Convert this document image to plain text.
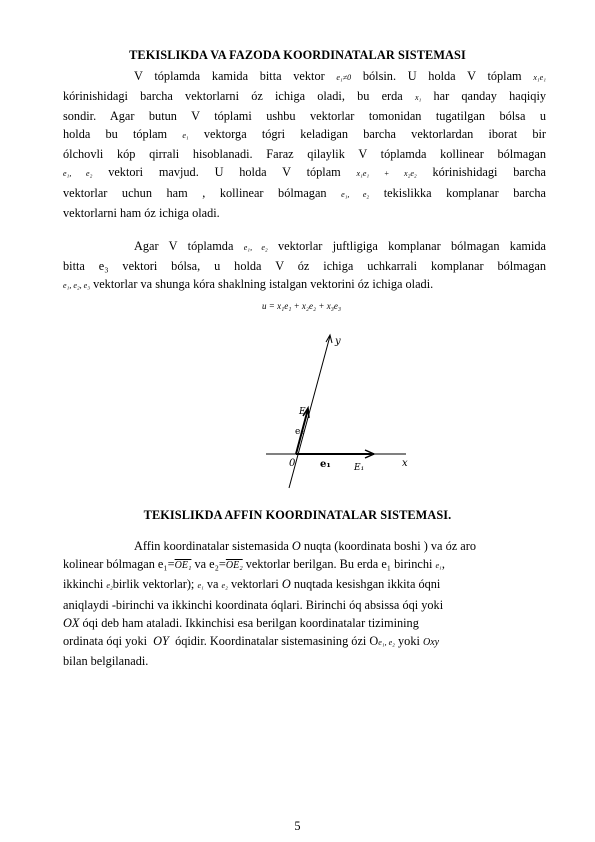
TEKISLIKDA VA FAZODA KOORDINATALAR SISTEMASI
V tóplamda kamida bitta vektor e₁≠0 bólsin. U holda V tóplam x₁e₁
kórinishidagi barcha vektorlarni óz ichiga oladi, bu erda x₁ har qanday haqiqiy
sondir. Agar butun V tóplami ushbu vektorlar tomonidan tugatilgan bólsa u
holda bu tóplam e₁ vektorga tógri keladigan barcha vektorlardan iborat bir
ólchovli kóp qirrali hisoblanadi. Faraz qilaylik V tóplamda kollinear bólmagan
e₁, e₂ vektori mavjud. U holda V tóplam x₁e₁ + x₂e₂ kórinishidagi barcha
vektorlar uchun ham , kollinear bólmagan e₁, e₂ tekislikka komplanar barcha
vektorlarni ham óz ichiga oladi.
Agar V tóplamda e₁, e₂ vektorlar juftligiga komplanar bólmagan kamida
bitta e₃ vektori bólsa, u holda V óz ichiga uchkarrali komplanar bólmagan
e₁, e₂, e₃ vektorlar va shunga kóra shaklning istalgan vektorini óz ichiga oladi.
u = x₁e₁ + x₂e₂ + x₃e₃
y
x
0
E₂
e₂
e₁	E₁
TEKISLIKDA AFFIN KOORDINATALAR SISTEMASI.
Affin koordinatalar sistemasida O nuqta (koordinata boshi ) va óz aro
kolinear bólmagan e₁=OE₁ va e₂=OE₂ vektorlar berilgan. Bu erda e₁ birinchi e₁,
ikkinchi e₂birlik vektorlar); e₁ va e₂ vektorlari O nuqtada kesishgan ikkita óqni
aniqlaydi -birinchi va ikkinchi koordinata óqlari. Birinchi óq absissa óqi yoki
OX óqi deb ham ataladi. Ikkinchisi esa berilgan koordinatalar tizimining
ordinata óqi yoki OY óqidir. Koordinatalar sistemasining ózi Oe₁, e₂ yoki Oxy
bilan belgilanadi.
5
